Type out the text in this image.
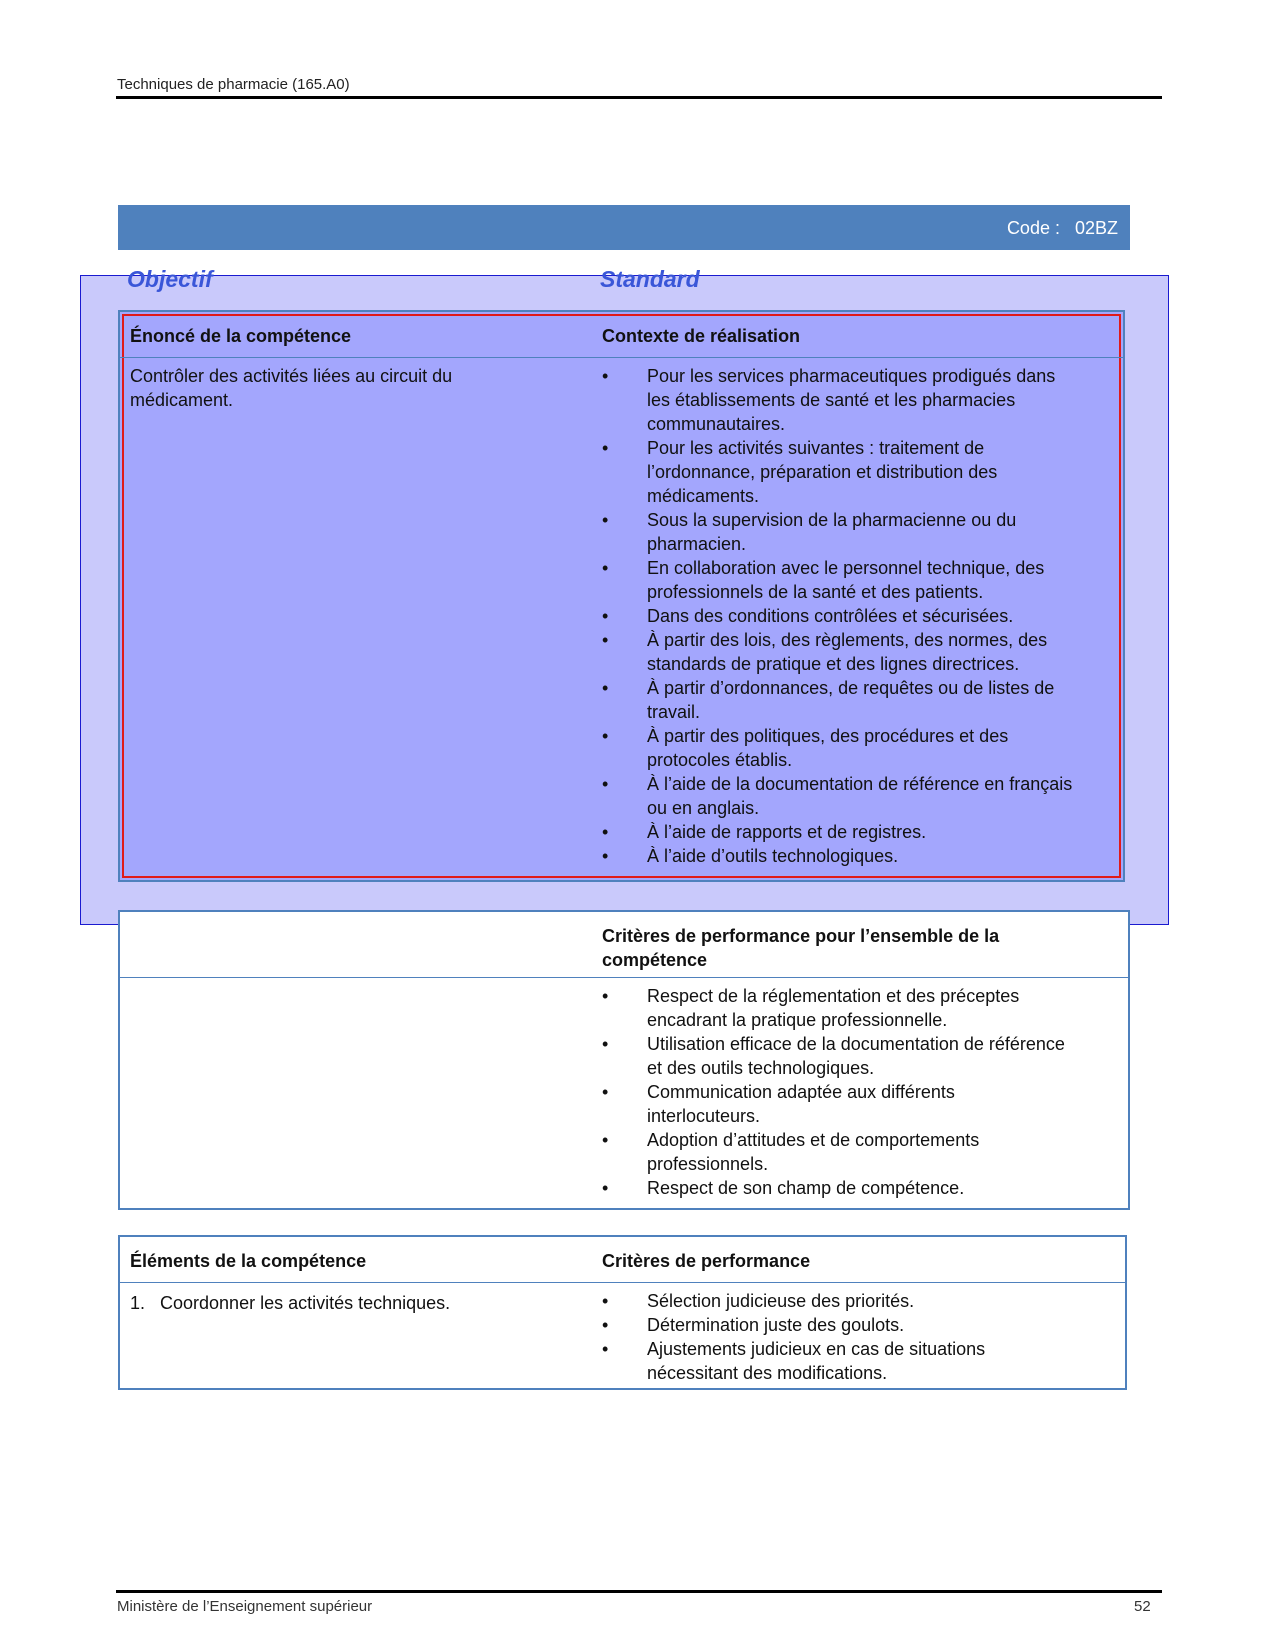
Techniques de pharmacie (165.A0)
Code :   02BZ
Objectif	Standard
Énoncé de la compétence	Contexte de réalisation
Contrôler des activités liées au circuit du médicament.
• Pour les services pharmaceutiques prodigués dans les établissements de santé et les pharmacies communautaires.
• Pour les activités suivantes : traitement de l’ordonnance, préparation et distribution des médicaments.
• Sous la supervision de la pharmacienne ou du pharmacien.
• En collaboration avec le personnel technique, des professionnels de la santé et des patients.
• Dans des conditions contrôlées et sécurisées.
• À partir des lois, des règlements, des normes, des standards de pratique et des lignes directrices.
• À partir d’ordonnances, de requêtes ou de listes de travail.
• À partir des politiques, des procédures et des protocoles établis.
• À l’aide de la documentation de référence en français ou en anglais.
• À l’aide de rapports et de registres.
• À l’aide d’outils technologiques.
Critères de performance pour l’ensemble de la compétence
• Respect de la réglementation et des préceptes encadrant la pratique professionnelle.
• Utilisation efficace de la documentation de référence et des outils technologiques.
• Communication adaptée aux différents interlocuteurs.
• Adoption d’attitudes et de comportements professionnels.
• Respect de son champ de compétence.
Éléments de la compétence	Critères de performance
1.   Coordonner les activités techniques.
•	Sélection judicieuse des priorités.
• Détermination juste des goulots.
• Ajustements judicieux en cas de situations nécessitant des modifications.
Ministère de l’Enseignement supérieur	52
